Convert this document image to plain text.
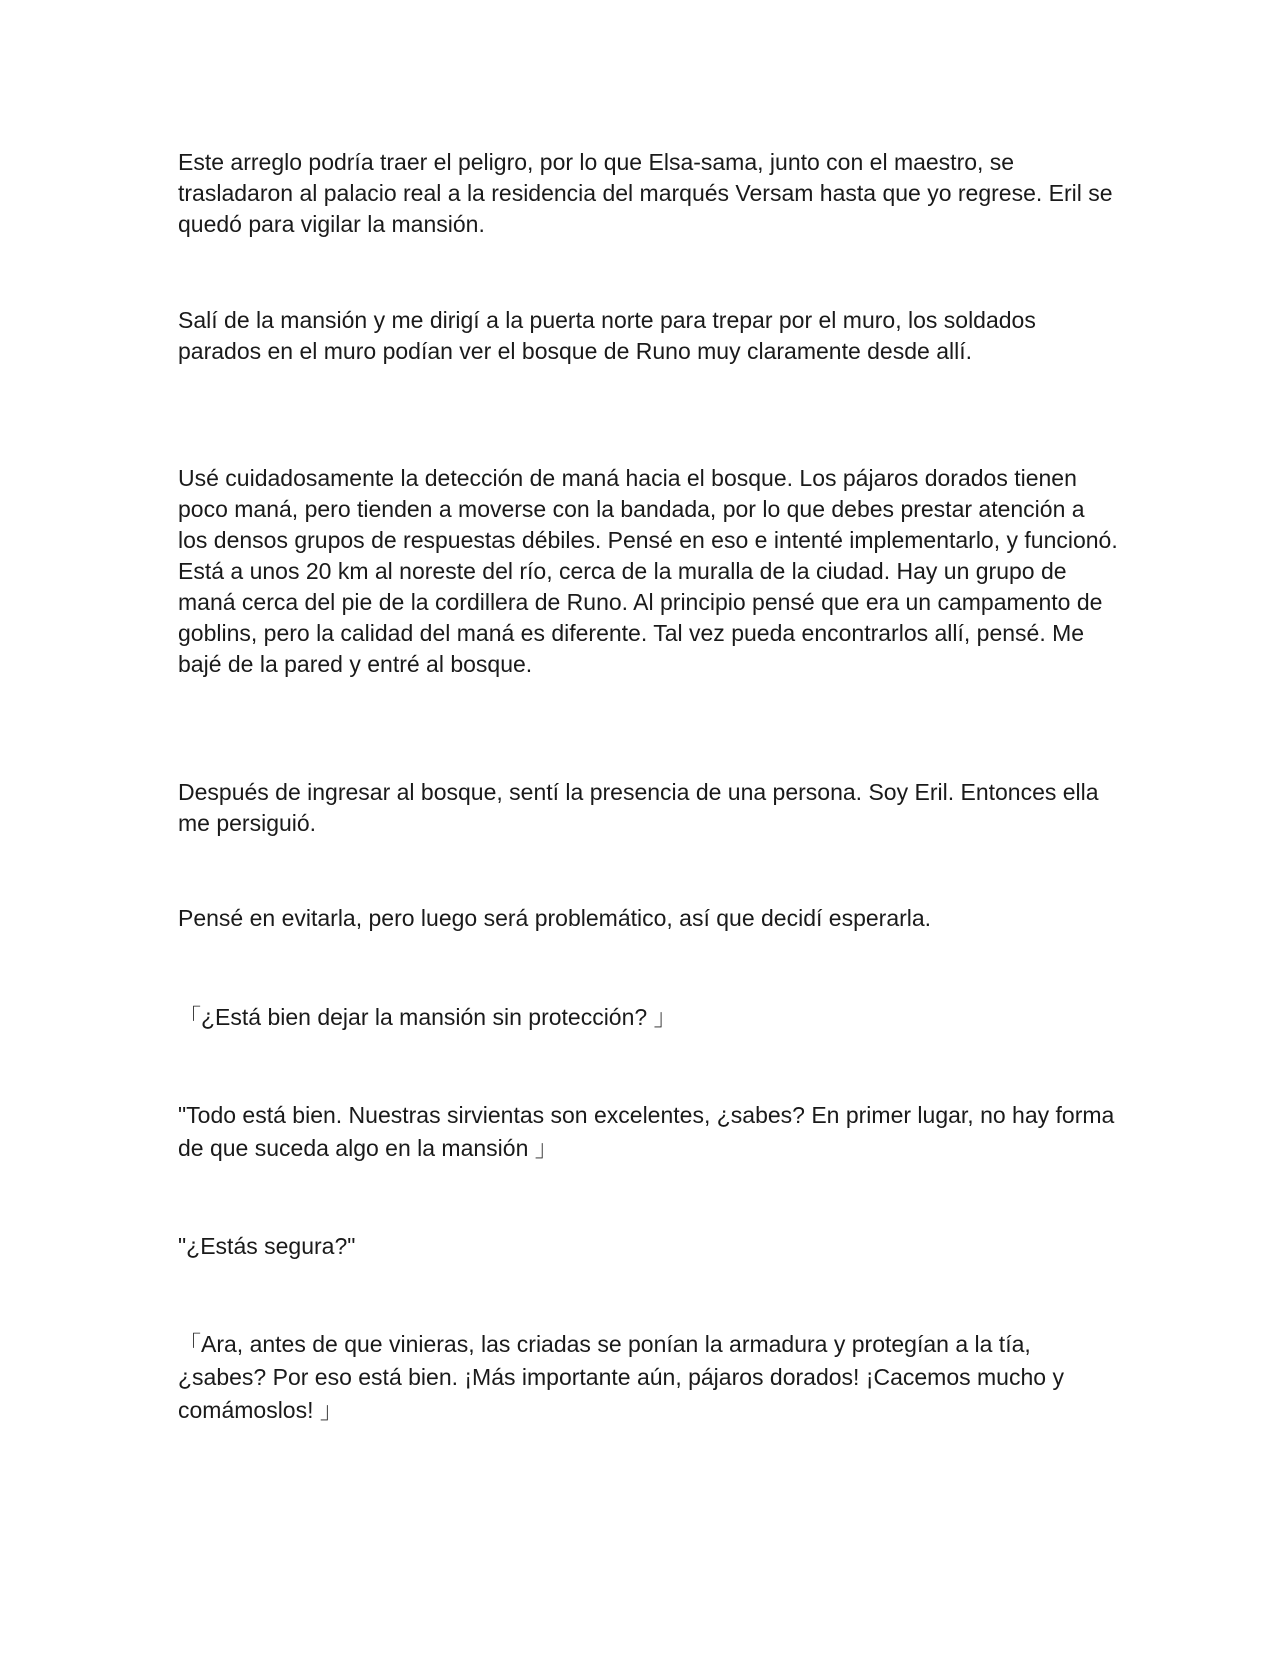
Este arreglo podría traer el peligro, por lo que Elsa-sama, junto con el maestro, se trasladaron al palacio real a la residencia del marqués Versam hasta que yo regrese. Eril se quedó para vigilar la mansión.

Salí de la mansión y me dirigí a la puerta norte para trepar por el muro, los soldados parados en el muro podían ver el bosque de Runo muy claramente desde allí.

Usé cuidadosamente la detección de maná hacia el bosque. Los pájaros dorados tienen poco maná, pero tienden a moverse con la bandada, por lo que debes prestar atención a los densos grupos de respuestas débiles. Pensé en eso e intenté implementarlo, y funcionó. Está a unos 20 km al noreste del río, cerca de la muralla de la ciudad. Hay un grupo de maná cerca del pie de la cordillera de Runo. Al principio pensé que era un campamento de goblins, pero la calidad del maná es diferente. Tal vez pueda encontrarlos allí, pensé. Me bajé de la pared y entré al bosque.

Después de ingresar al bosque, sentí la presencia de una persona. Soy Eril. Entonces ella me persiguió.

Pensé en evitarla, pero luego será problemático, así que decidí esperarla.

「¿Está bien dejar la mansión sin protección? 」

"Todo está bien. Nuestras sirvientas son excelentes, ¿sabes? En primer lugar, no hay forma de que suceda algo en la mansión 」

"¿Estás segura?"

「Ara, antes de que vinieras, las criadas se ponían la armadura y protegían a la tía, ¿sabes? Por eso está bien. ¡Más importante aún, pájaros dorados! ¡Cacemos mucho y comámoslos! 」
